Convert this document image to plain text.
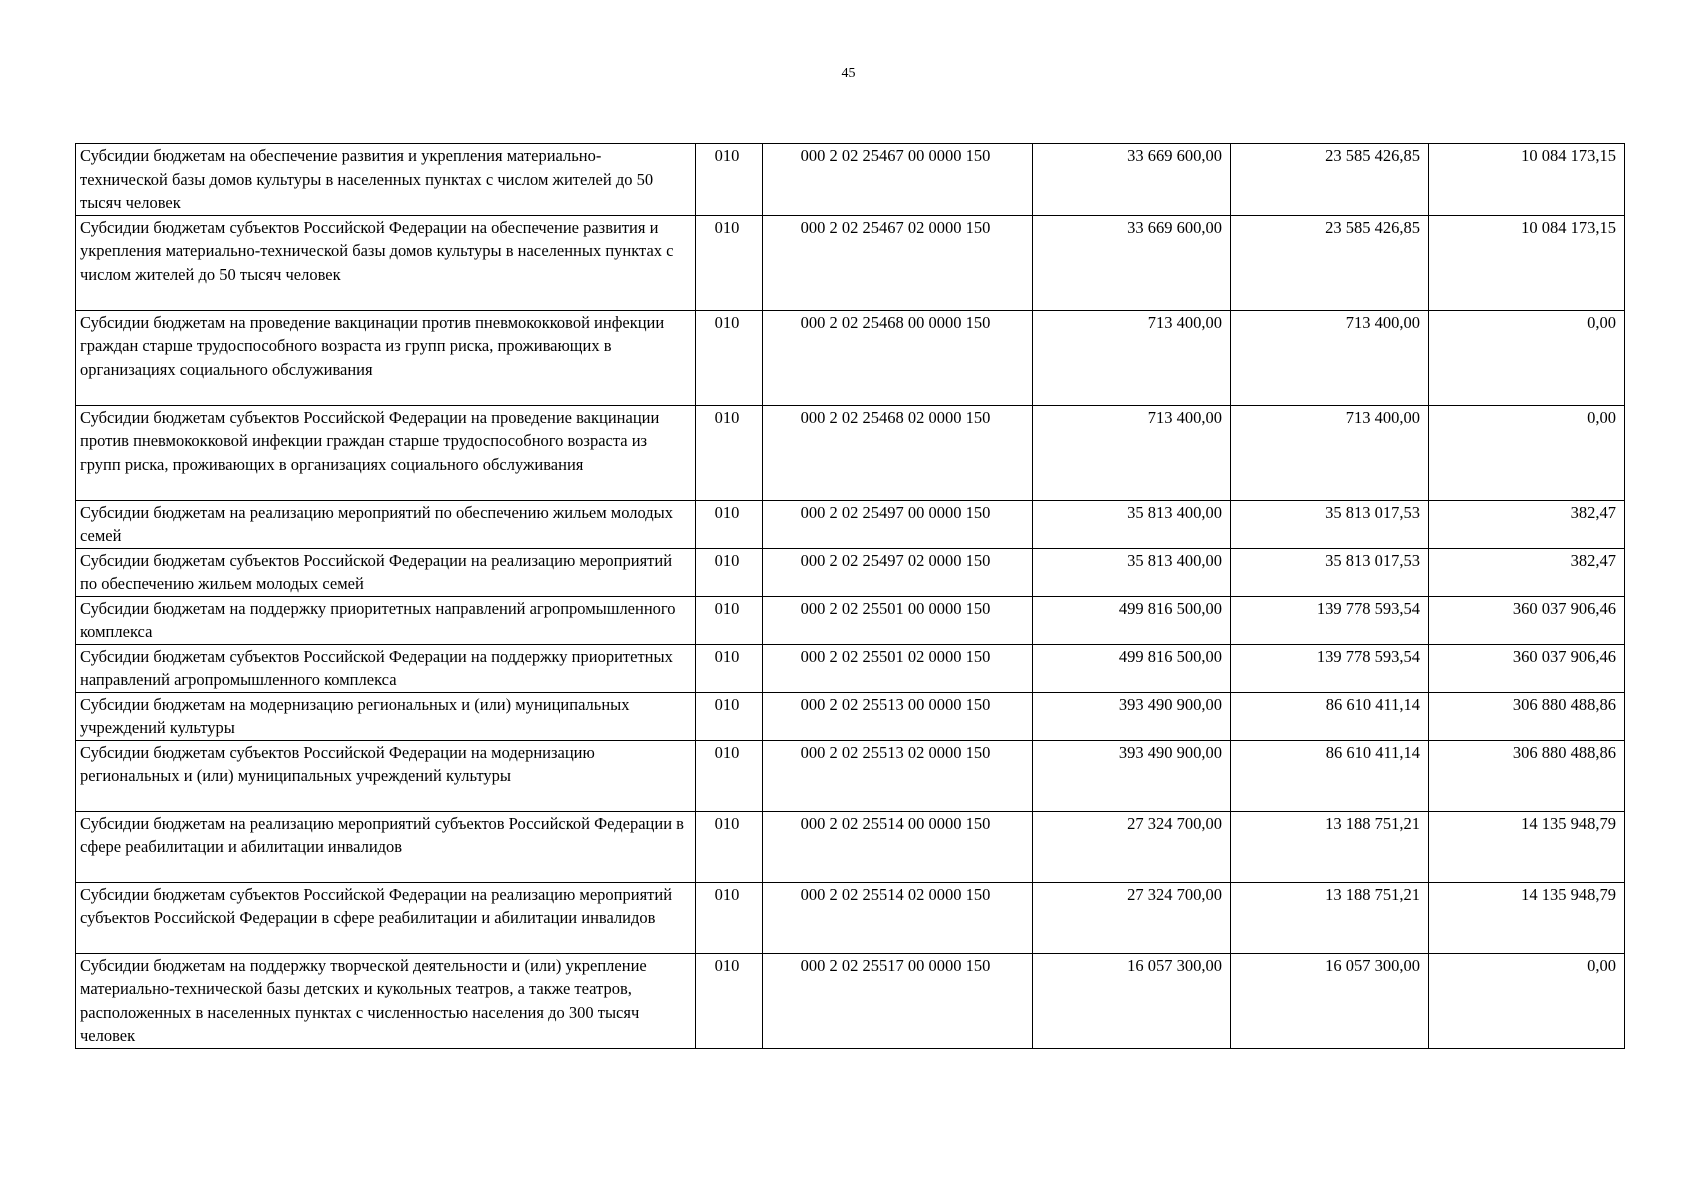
45
Субсидии бюджетам на обеспечение развития и укрепления материально-технической базы домов культуры в населенных пунктах с числом жителей до 50 тысяч человек	010	000 2 02 25467 00 0000 150	33 669 600,00	23 585 426,85	10 084 173,15
Субсидии бюджетам субъектов Российской Федерации на обеспечение развития и укрепления материально-технической базы домов культуры в населенных пунктах с числом жителей до 50 тысяч человек	010	000 2 02 25467 02 0000 150	33 669 600,00	23 585 426,85	10 084 173,15
Субсидии бюджетам на проведение вакцинации против пневмококковой инфекции граждан старше трудоспособного возраста из групп риска, проживающих в организациях социального обслуживания	010	000 2 02 25468 00 0000 150	713 400,00	713 400,00	0,00
Субсидии бюджетам субъектов Российской Федерации на проведение вакцинации против пневмококковой инфекции граждан старше трудоспособного возраста из групп риска, проживающих в организациях социального обслуживания	010	000 2 02 25468 02 0000 150	713 400,00	713 400,00	0,00
Субсидии бюджетам на реализацию мероприятий по обеспечению жильем молодых семей	010	000 2 02 25497 00 0000 150	35 813 400,00	35 813 017,53	382,47
Субсидии бюджетам субъектов Российской Федерации на реализацию мероприятий по обеспечению жильем молодых семей	010	000 2 02 25497 02 0000 150	35 813 400,00	35 813 017,53	382,47
Субсидии бюджетам на поддержку приоритетных направлений агропромышленного комплекса	010	000 2 02 25501 00 0000 150	499 816 500,00	139 778 593,54	360 037 906,46
Субсидии бюджетам субъектов Российской Федерации на поддержку приоритетных направлений агропромышленного комплекса	010	000 2 02 25501 02 0000 150	499 816 500,00	139 778 593,54	360 037 906,46
Субсидии бюджетам на модернизацию региональных и (или) муниципальных учреждений культуры	010	000 2 02 25513 00 0000 150	393 490 900,00	86 610 411,14	306 880 488,86
Субсидии бюджетам субъектов Российской Федерации на модернизацию региональных и (или) муниципальных учреждений культуры	010	000 2 02 25513 02 0000 150	393 490 900,00	86 610 411,14	306 880 488,86
Субсидии бюджетам на реализацию мероприятий субъектов Российской Федерации в сфере реабилитации и абилитации инвалидов	010	000 2 02 25514 00 0000 150	27 324 700,00	13 188 751,21	14 135 948,79
Субсидии бюджетам субъектов Российской Федерации на реализацию мероприятий субъектов Российской Федерации в сфере реабилитации и абилитации инвалидов	010	000 2 02 25514 02 0000 150	27 324 700,00	13 188 751,21	14 135 948,79
Субсидии бюджетам на поддержку творческой деятельности и (или) укрепление материально-технической базы детских и кукольных театров, а также театров, расположенных в населенных пунктах с численностью населения до 300 тысяч человек	010	000 2 02 25517 00 0000 150	16 057 300,00	16 057 300,00	0,00
